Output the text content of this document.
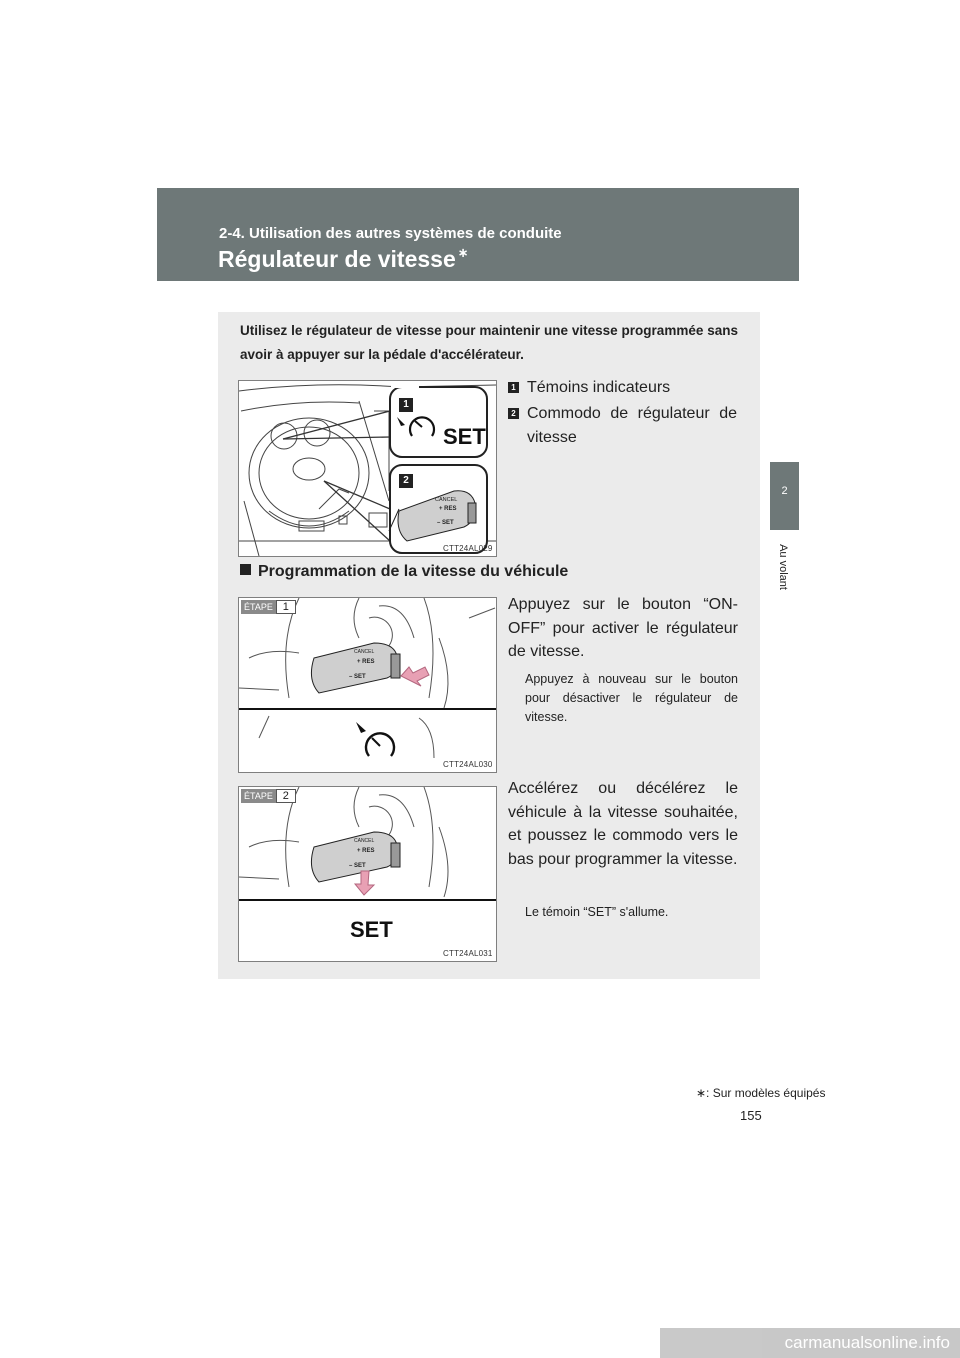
2-4. Utilisation des autres systèmes de conduite
Régulateur de vitesse ∗
2
Au volant
Utilisez le régulateur de vitesse pour maintenir une vitesse programmée sans avoir à appuyer sur la pédale d'accélérateur.
SET
CANCEL
+ RES
– SET
1
2
CTT24AL029
1 Témoins indicateurs
2 Commodo de régulateur de vitesse
Programmation de la vitesse du véhicule
CANCEL
+ RES
– SET
ÉTAPE 1
CTT24AL030
Appuyez sur le bouton “ON-OFF” pour activer le régulateur de vitesse.
Appuyez à nouveau sur le bouton pour désactiver le régulateur de vitesse.
CANCEL
+ RES
– SET
SET
ÉTAPE 2
CTT24AL031
Accélérez ou décélérez le véhicule à la vitesse souhaitée, et poussez le commodo vers le bas pour programmer la vitesse.
Le témoin “SET” s'allume.
∗: Sur modèles équipés
155
carmanualsonline.info
